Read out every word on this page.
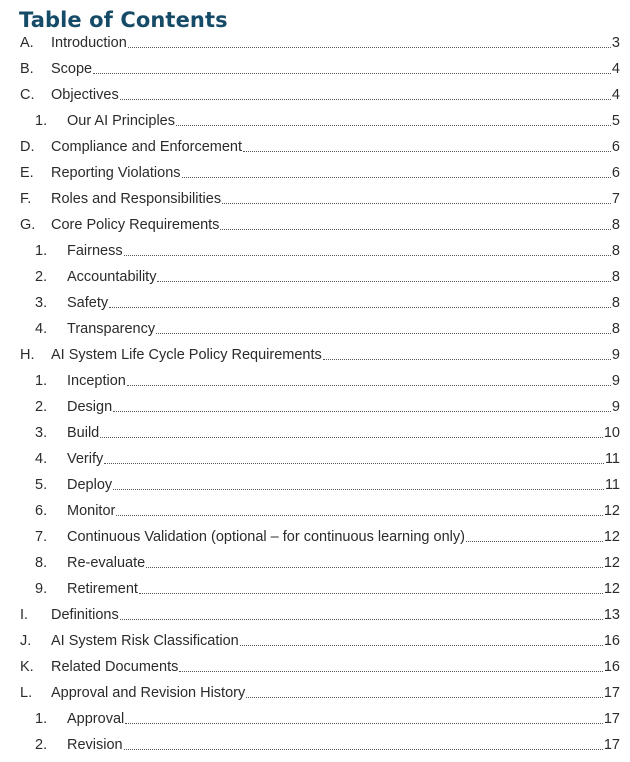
Table of Contents
A.	Introduction	3
B.	Scope	4
C.	Objectives	4
1.	Our AI Principles	5
D.	Compliance and Enforcement	6
E.	Reporting Violations	6
F.	Roles and Responsibilities	7
G.	Core Policy Requirements	8
1.	Fairness	8
2.	Accountability	8
3.	Safety	8
4.	Transparency	8
H.	AI System Life Cycle Policy Requirements	9
1.	Inception	9
2.	Design	9
3.	Build	10
4.	Verify	11
5.	Deploy	11
6.	Monitor	12
7.	Continuous Validation (optional – for continuous learning only)	12
8.	Re-evaluate	12
9.	Retirement	12
I.	Definitions	13
J.	AI System Risk Classification	16
K.	Related Documents	16
L.	Approval and Revision History	17
1.	Approval	17
2.	Revision	17
